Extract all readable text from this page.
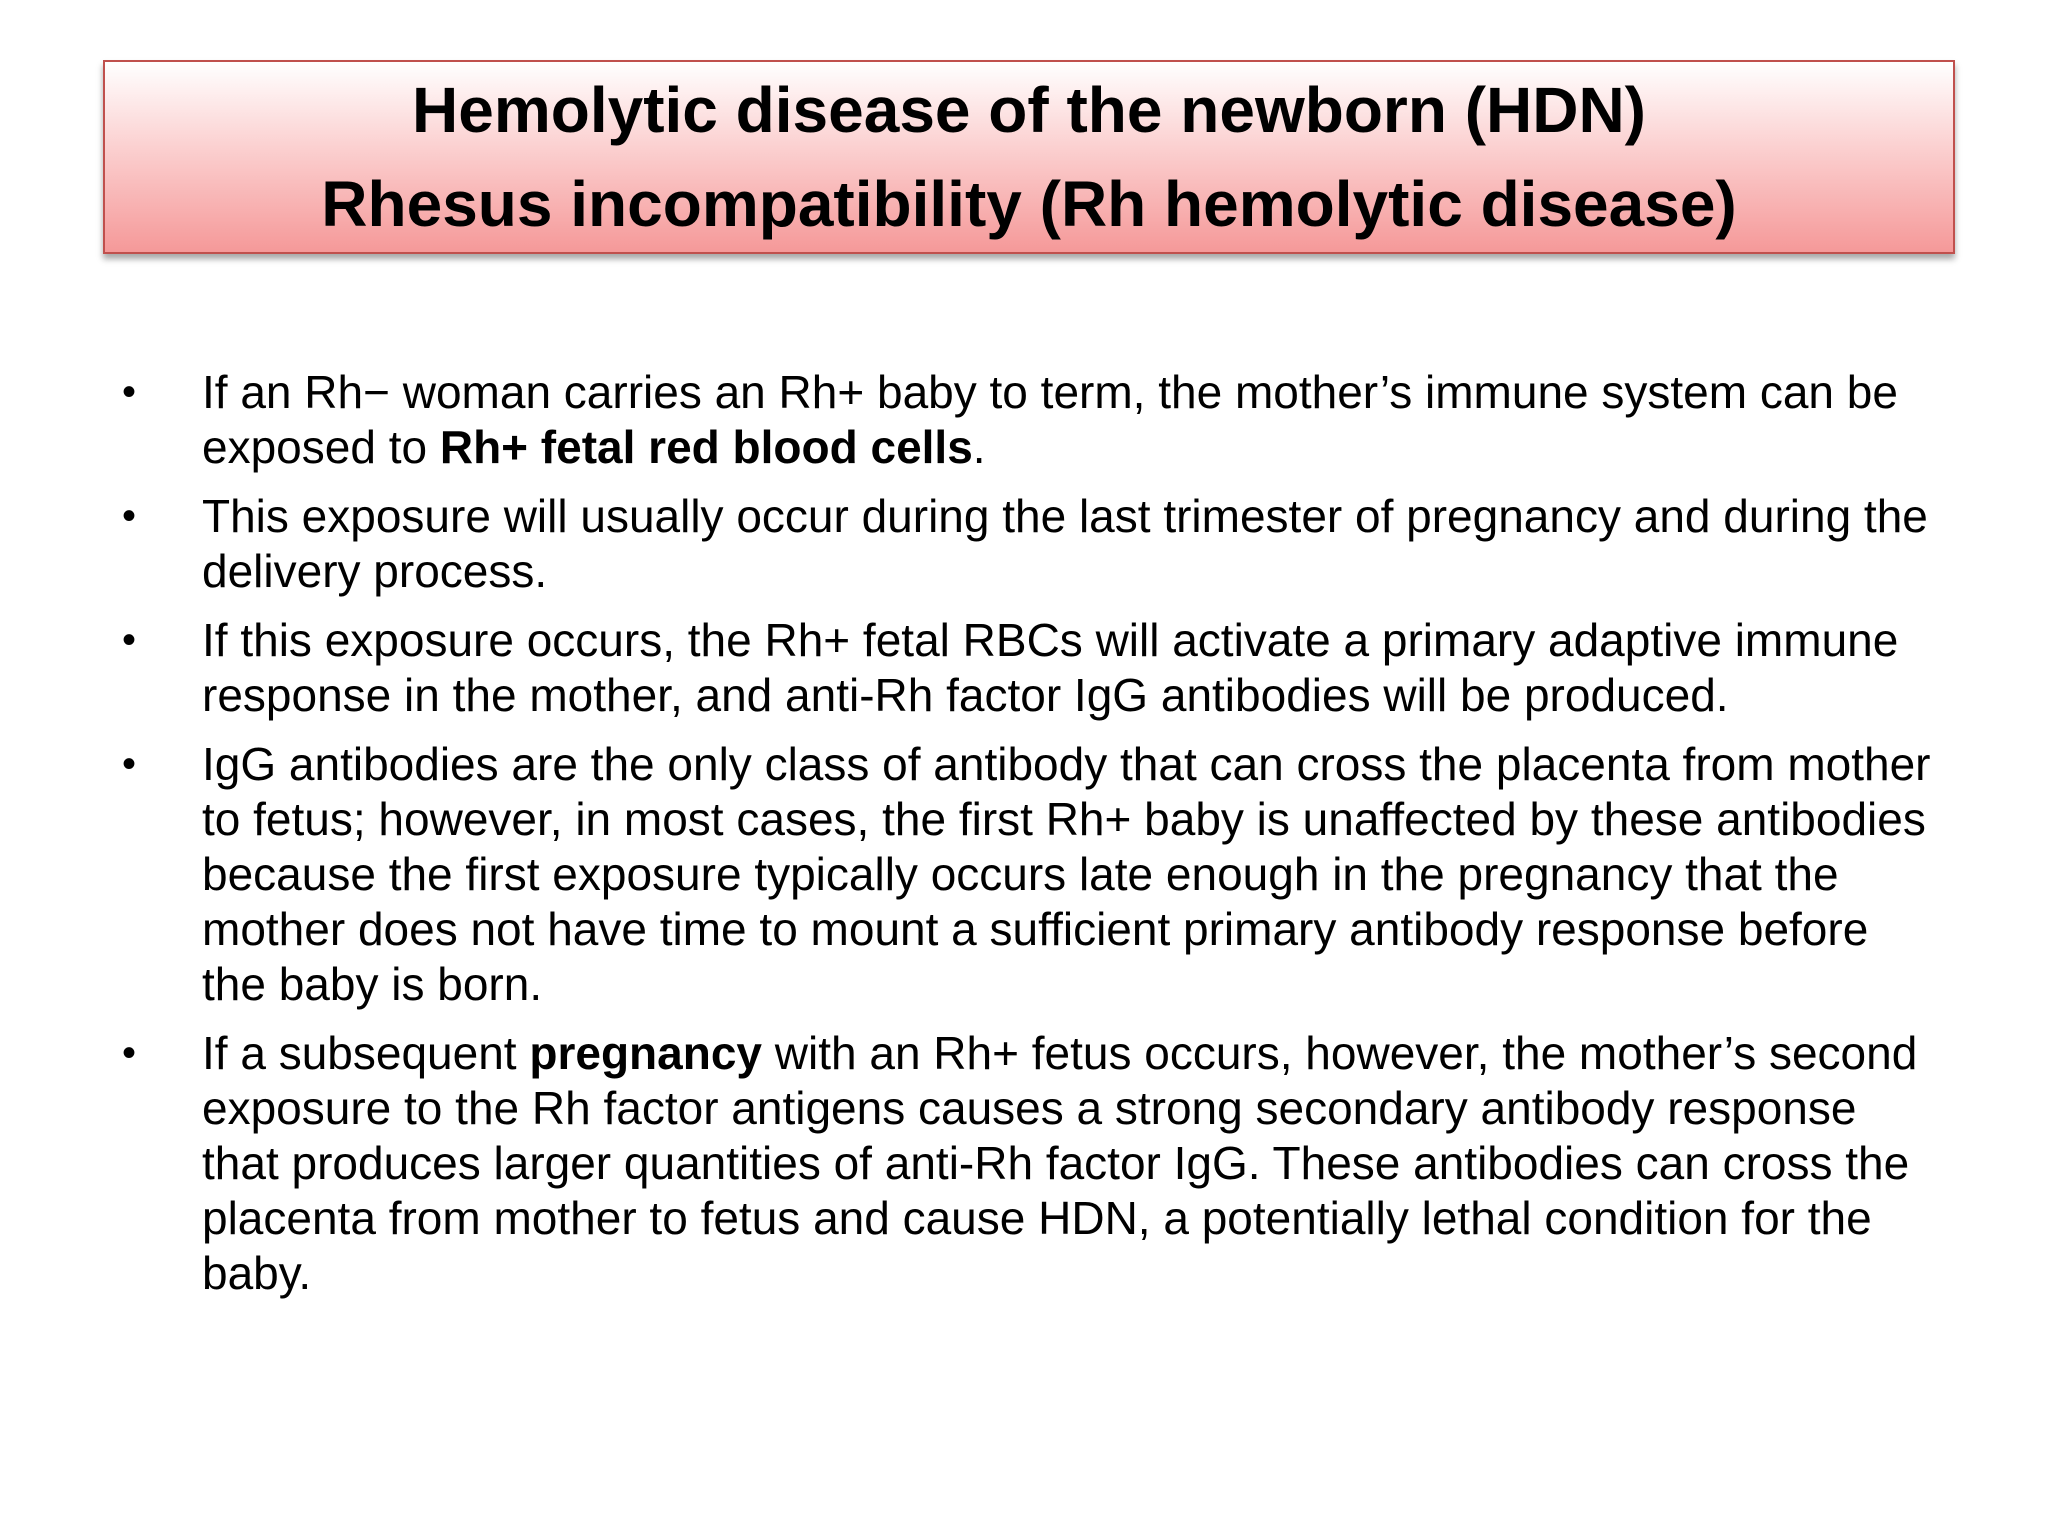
Hemolytic disease of the newborn (HDN)
Rhesus incompatibility (Rh hemolytic disease)
•	If an Rh− woman carries an Rh+ baby to term, the mother’s immune system can be exposed to Rh+ fetal red blood cells.
•	This exposure will usually occur during the last trimester of pregnancy and during the delivery process.
•	If this exposure occurs, the Rh+ fetal RBCs will activate a primary adaptive immune response in the mother, and anti-Rh factor IgG antibodies will be produced.
•	IgG antibodies are the only class of antibody that can cross the placenta from mother to fetus; however, in most cases, the first Rh+ baby is unaffected by these antibodies because the first exposure typically occurs late enough in the pregnancy that the mother does not have time to mount a sufficient primary antibody response before the baby is born.
•	If a subsequent pregnancy with an Rh+ fetus occurs, however, the mother’s second exposure to the Rh factor antigens causes a strong secondary antibody response that produces larger quantities of anti-Rh factor IgG. These antibodies can cross the placenta from mother to fetus and cause HDN, a potentially lethal condition for the baby.
